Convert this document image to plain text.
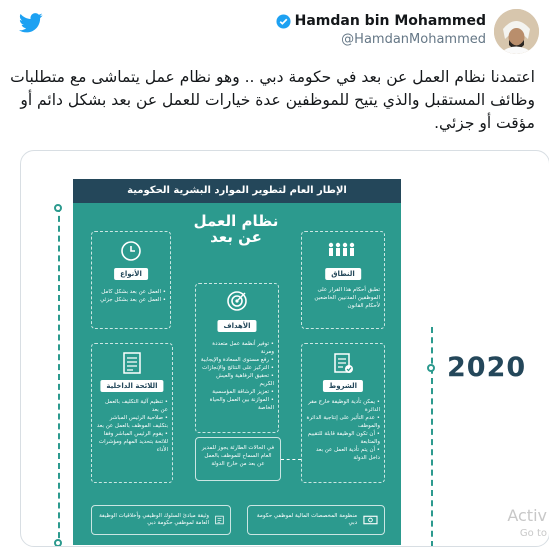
Hamdan bin Mohammed
@HamdanMohammed
اعتمدنا نظام العمل عن بعد في حكومة دبي .. وهو نظام عمل يتماشى مع متطلبات وظائف المستقبل والذي يتيح للموظفين عدة خيارات للعمل عن بعد بشكل دائم أو مؤقت أو جزئي.
الإطار العام لتطوير الموارد البشرية الحكومية
نظام العمل عن بعد
الأنواع
• العمل عن بعد بشكل كامل
• العمل عن بعد بشكل جزئي
النطاق
تطبق أحكام هذا القرار على الموظفين المدنيين الخاضعين لأحكام القانون
الأهداف
• توفير أنظمة عمل متعددة ومرنة
• رفع مستوى السعادة والإيجابية
• التركيز على النتائج والإنجازات
• تحقيق الرفاهية والعيش الكريم
• تعزيز الرشاقة المؤسسية
• الموازنة بين العمل والحياة الخاصة
اللائحة الداخلية
• تنظيم آلية التكليف بالعمل عن بعد
• صلاحية الرئيس المباشر بتكليف الموظف بالعمل عن بعد
• يقوم الرئيس المباشر وفقا للائحة بتحديد المهام ومؤشرات الأداء
الشروط
• يمكن تأدية الوظيفة خارج مقر الدائرة
• عدم التأثير على إنتاجية الدائرة والموظف
• أن تكون الوظيفة قابلة للتقييم والمتابعة
• أن يتم تأدية العمل عن بعد داخل الدولة
في الحالات الطارئة يجوز للمدير العام السماح للموظف بالعمل عن بعد من خارج الدولة
وثيقة مبادئ السلوك الوظيفي وأخلاقيات الوظيفة العامة لموظفي حكومة دبي
منظومة المخصصات المالية لموظفي حكومة دبي
2020
Activ
Go to
